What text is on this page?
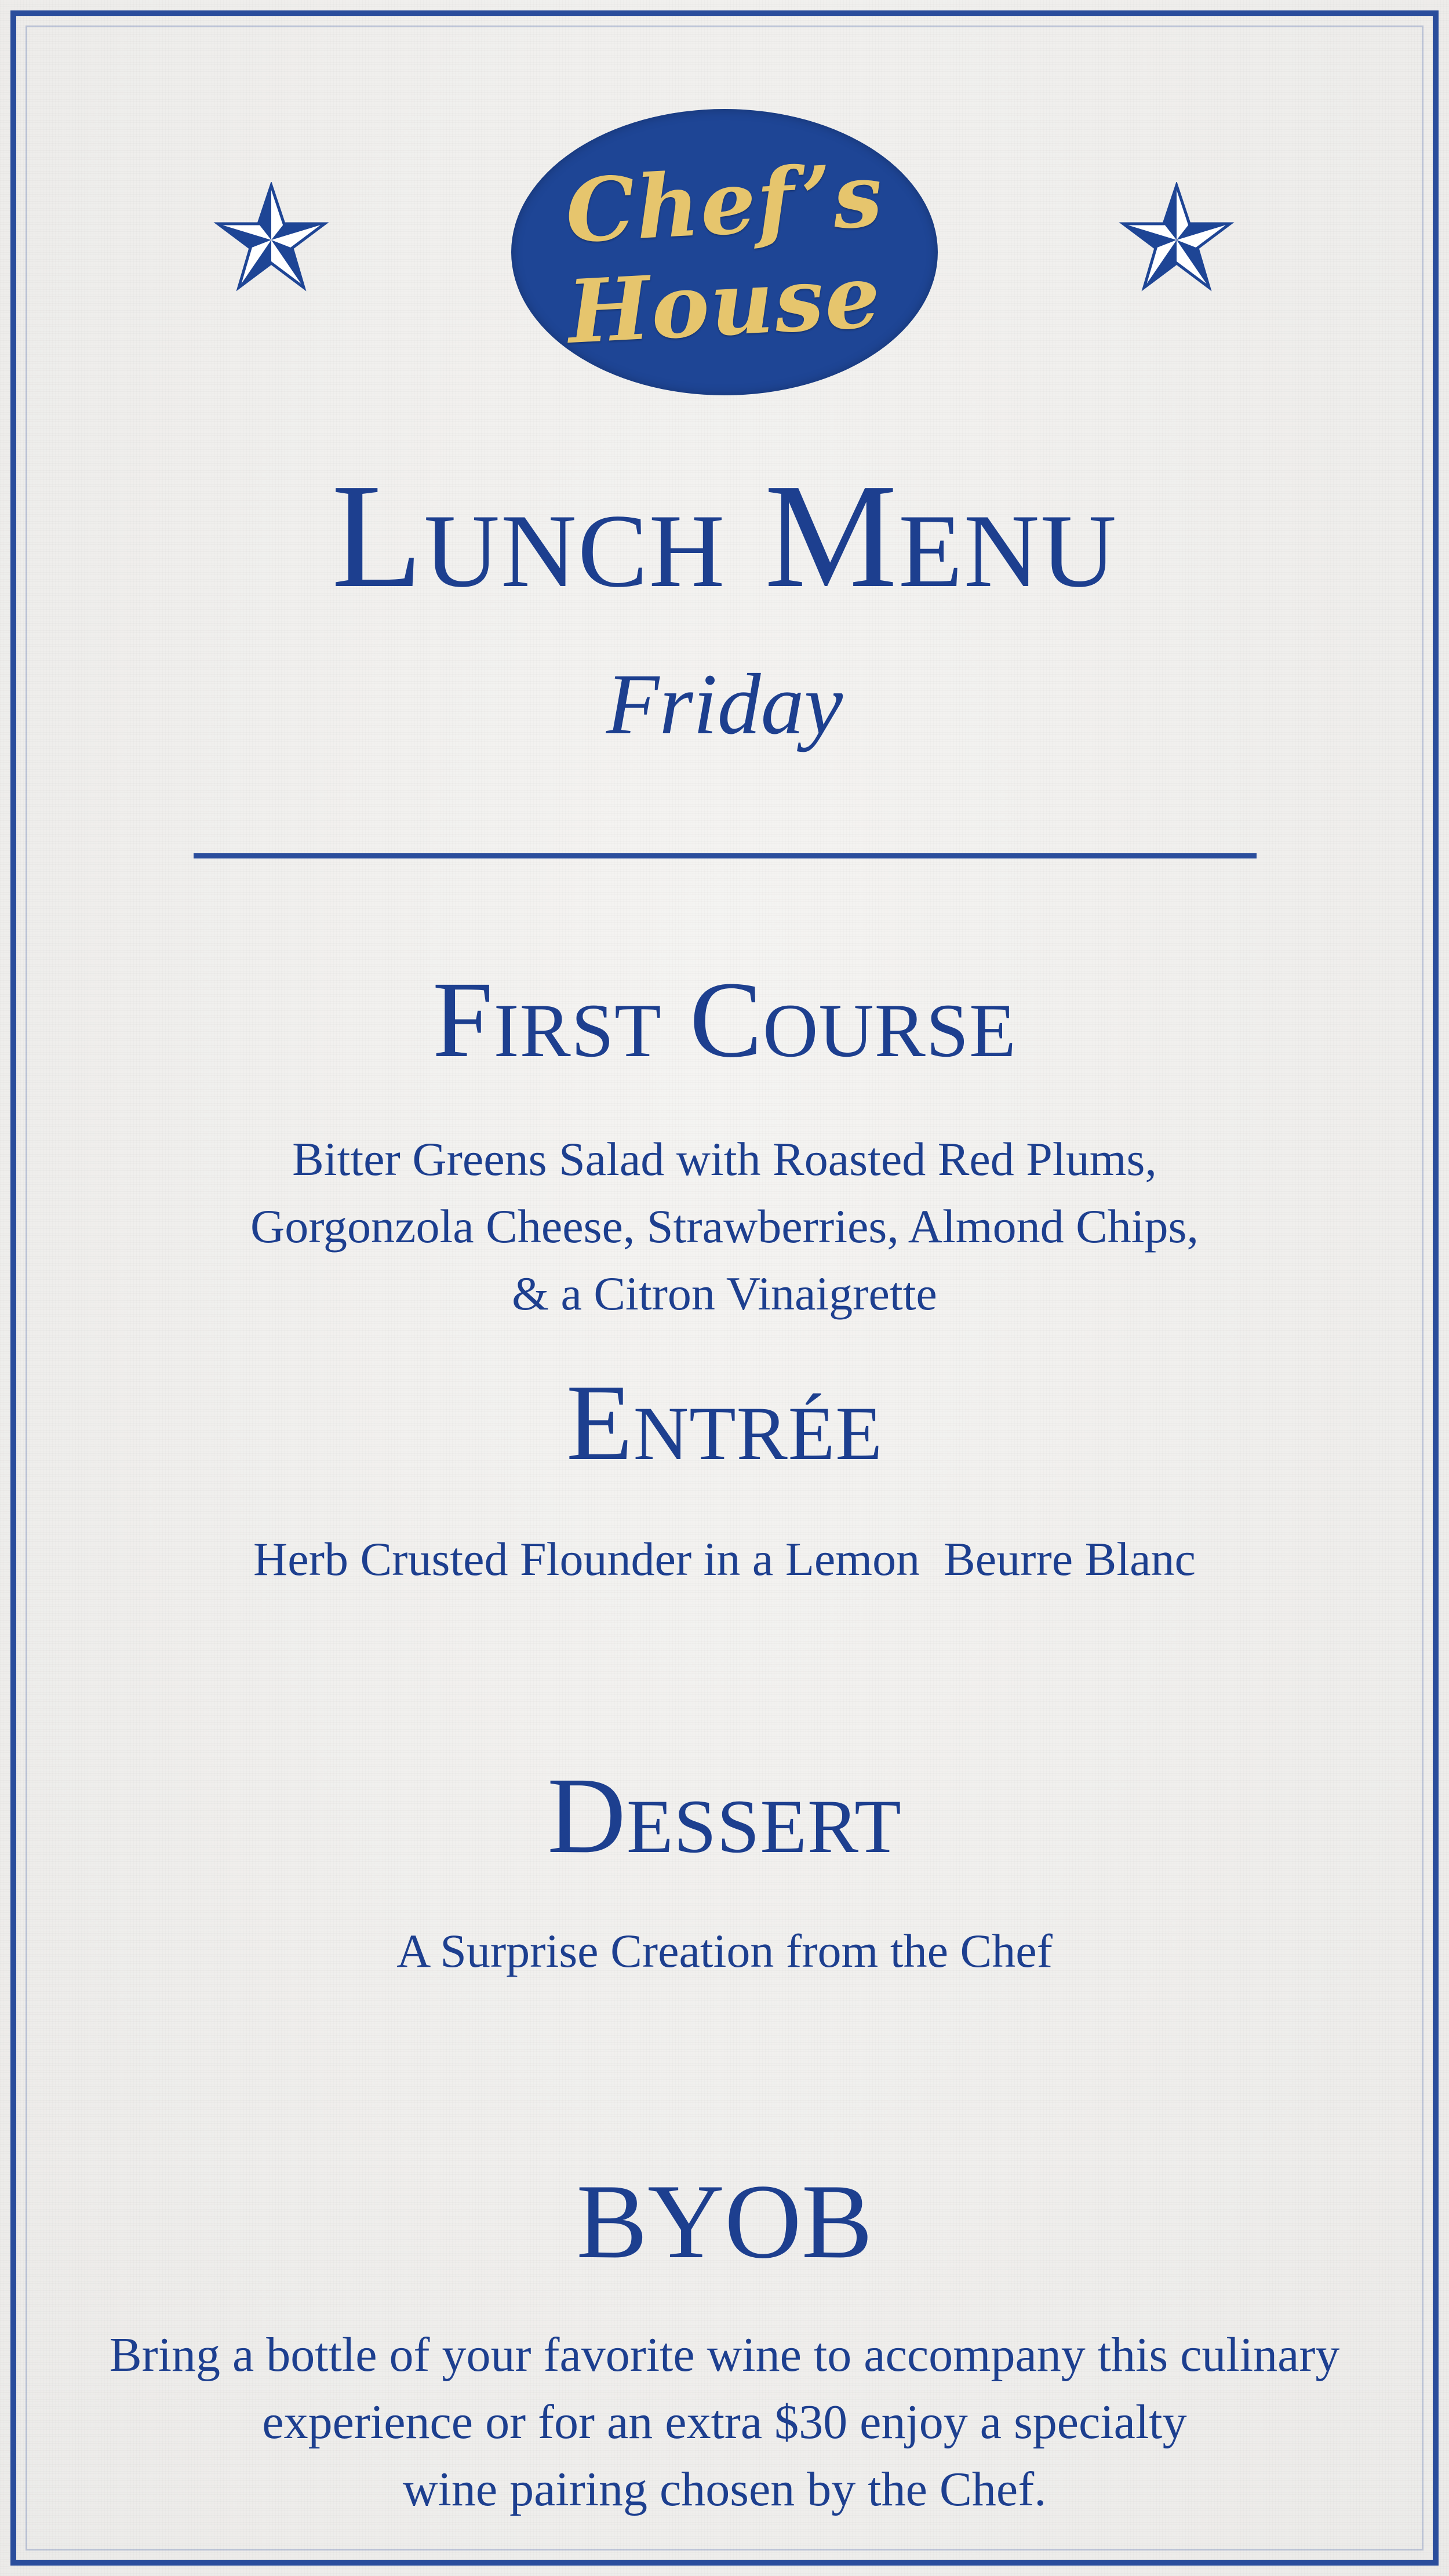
Chef’s
House
Lunch Menu
Friday
First Course
Bitter Greens Salad with Roasted Red Plums,
Gorgonzola Cheese, Strawberries, Almond Chips,
& a Citron Vinaigrette
Entrée
Herb Crusted Flounder in a Lemon  Beurre Blanc
Dessert
A Surprise Creation from the Chef
BYOB
Bring a bottle of your favorite wine to accompany this culinary
experience or for an extra $30 enjoy a specialty
wine pairing chosen by the Chef.
